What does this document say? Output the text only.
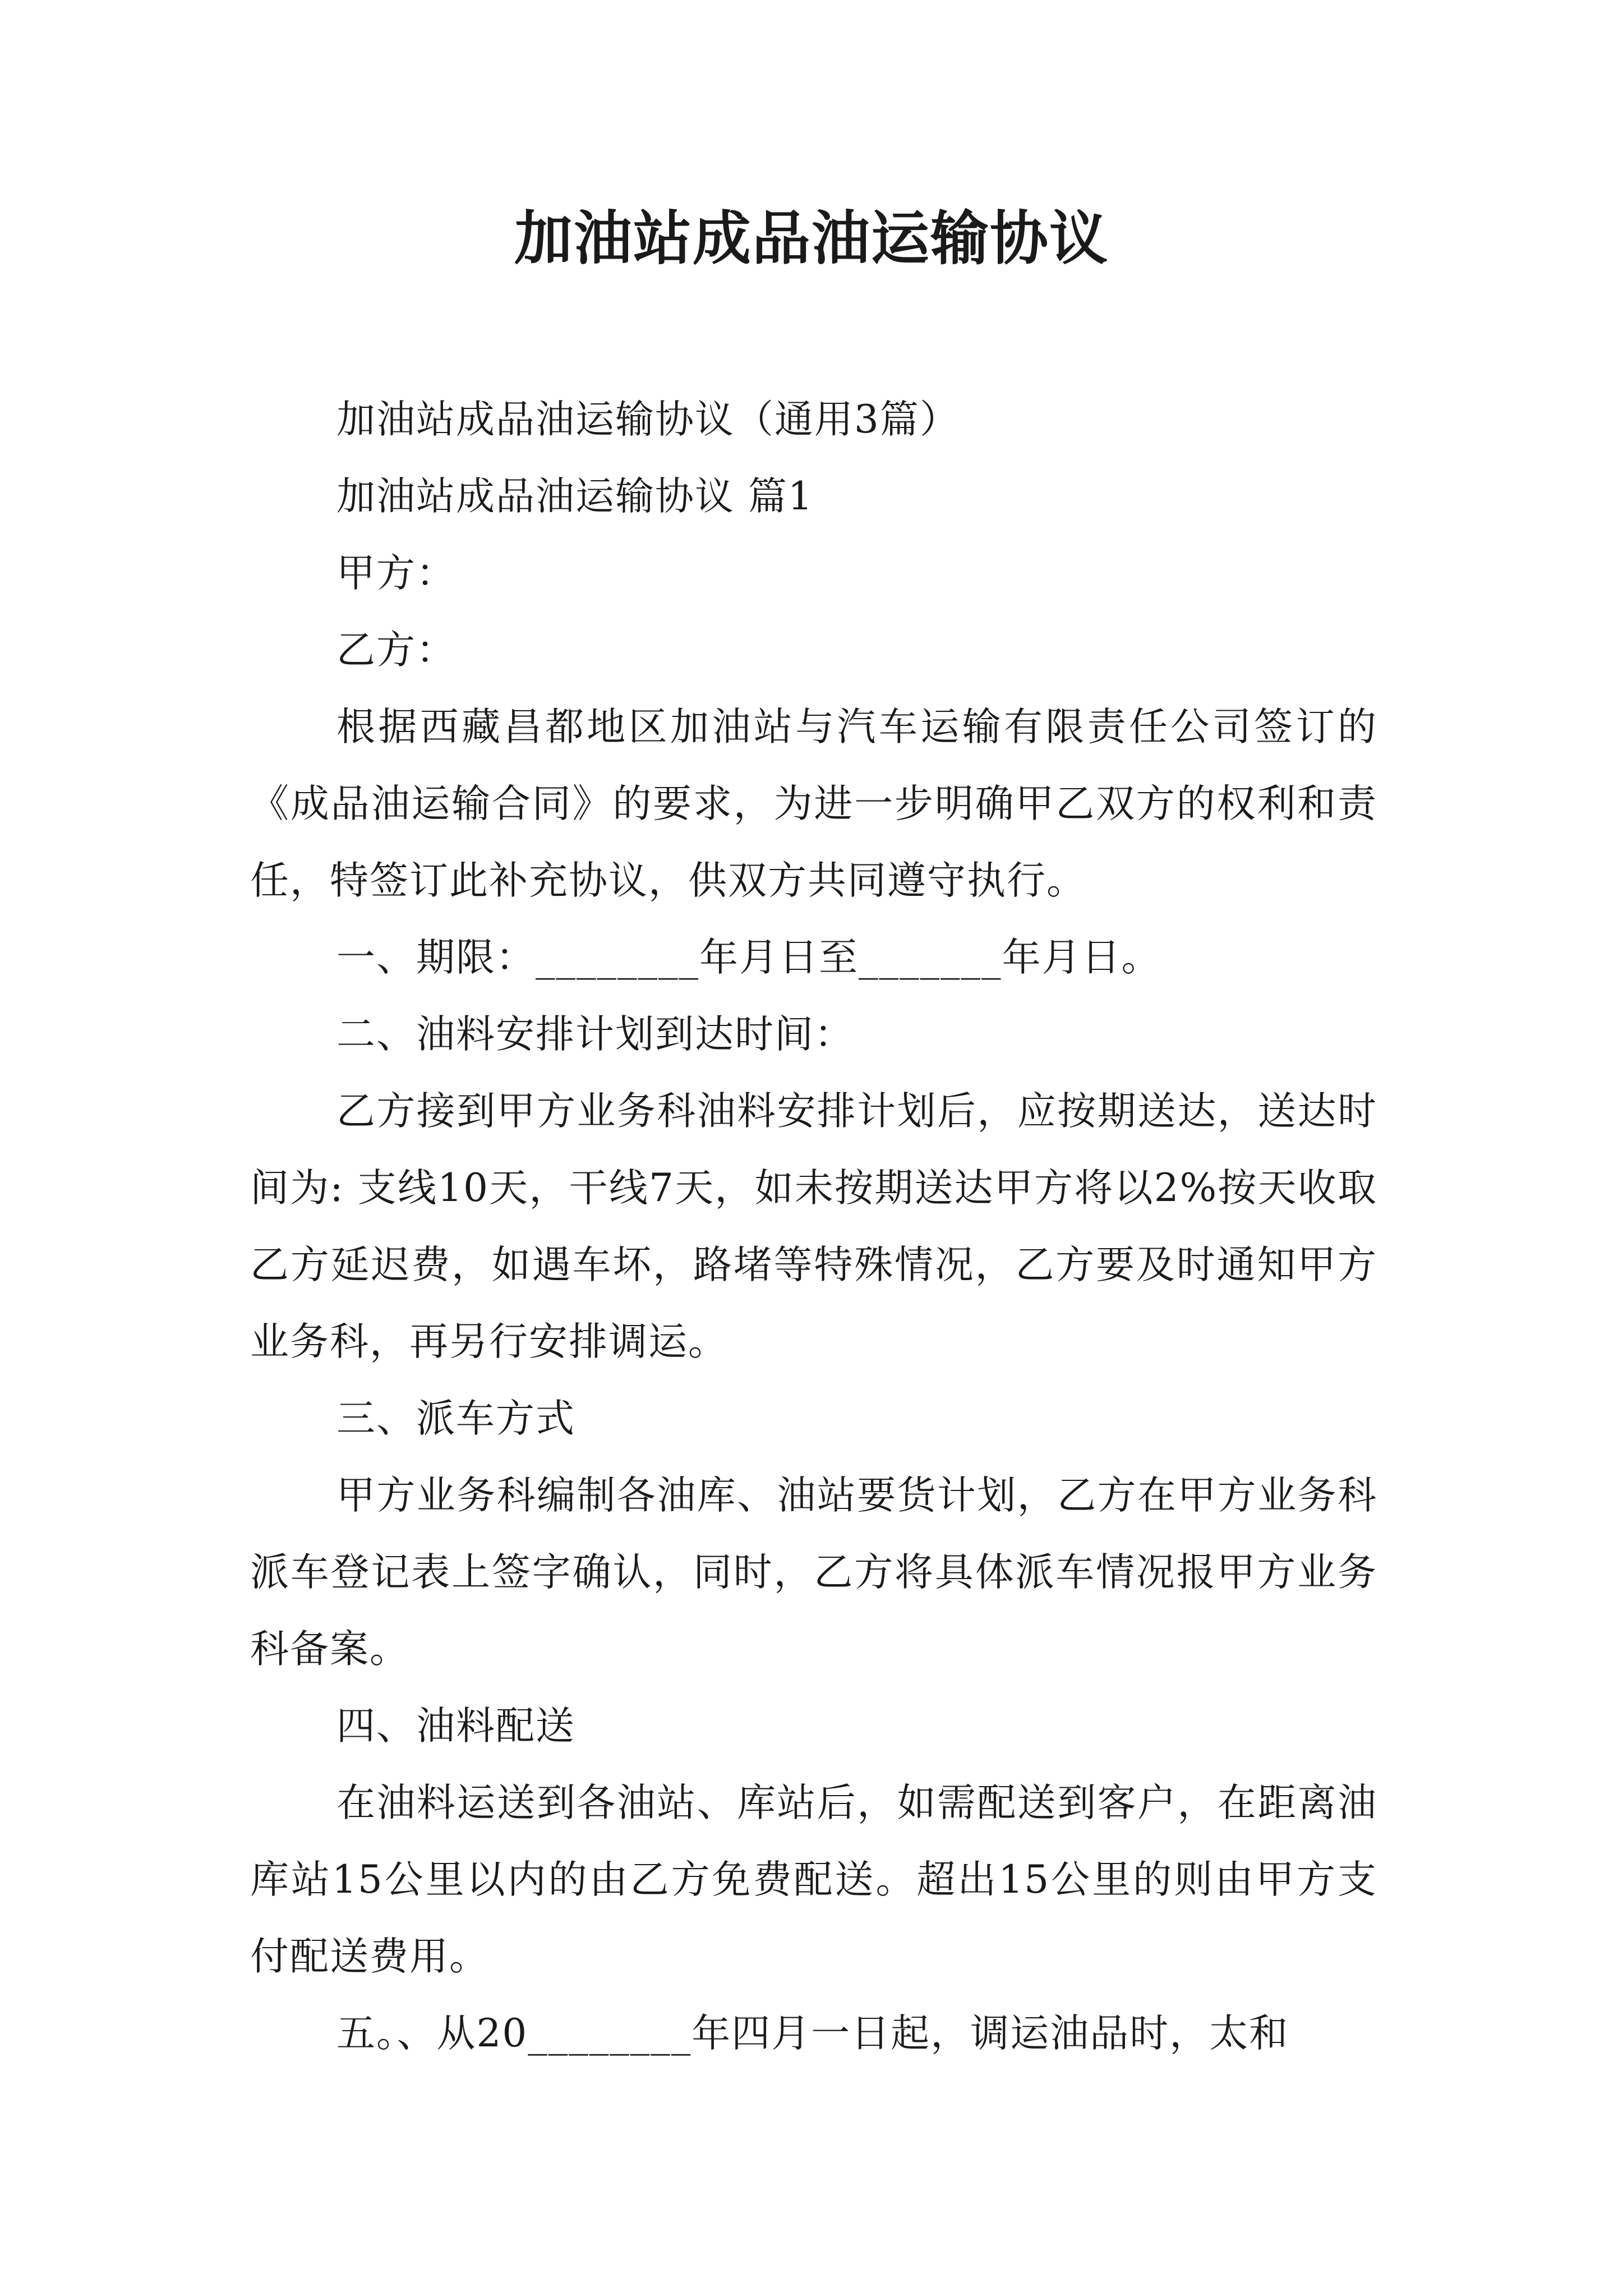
加油站成品油运输协议

加油站成品油运输协议（通用3篇）

加油站成品油运输协议 篇1

甲方：

乙方：

根据西藏昌都地区加油站与汽车运输有限责任公司签订的《成品油运输合同》的要求，为进一步明确甲乙双方的权利和责任，特签订此补充协议，供双方共同遵守执行。

一、期限：________年月日至_______年月日。

二、油料安排计划到达时间：

乙方接到甲方业务科油料安排计划后，应按期送达，送达时间为: 支线10天，干线7天，如未按期送达甲方将以2%按天收取乙方延迟费，如遇车坏，路堵等特殊情况，乙方要及时通知甲方业务科，再另行安排调运。

三、派车方式

甲方业务科编制各油库、油站要货计划，乙方在甲方业务科派车登记表上签字确认，同时，乙方将具体派车情况报甲方业务科备案。

四、油料配送

在油料运送到各油站、库站后，如需配送到客户，在距离油库站15公里以内的由乙方免费配送。超出15公里的则由甲方支付配送费用。

五。、从20________年四月一日起，调运油品时，太和
